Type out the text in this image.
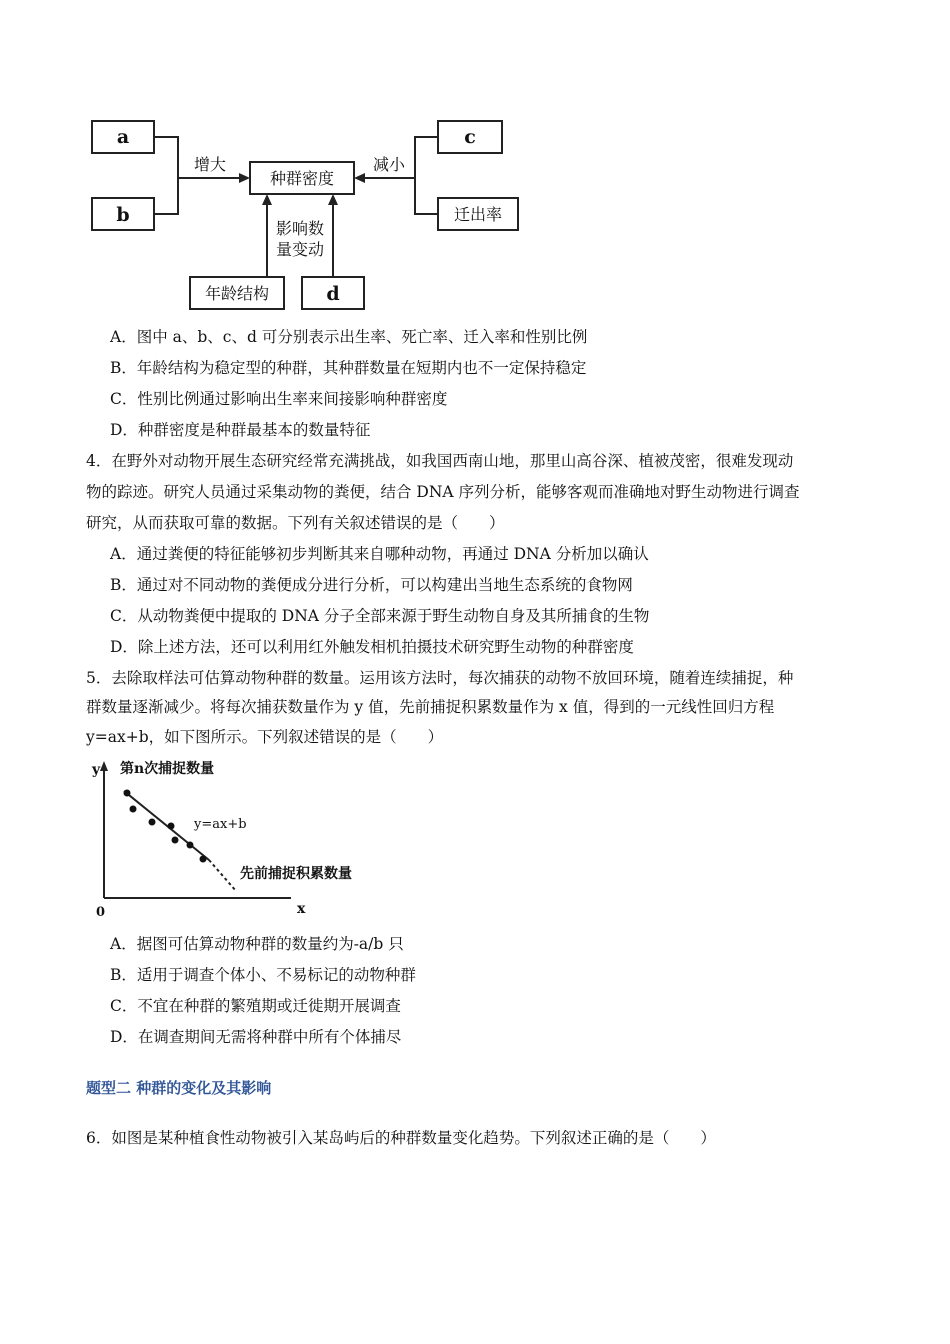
a
b
c
d
迁出率
种群密度
年龄结构
增大	减小
影响数
量变动
A．图中 a、b、c、d 可分别表示出生率、死亡率、迁入率和性别比例
B．年龄结构为稳定型的种群，其种群数量在短期内也不一定保持稳定
C．性别比例通过影响出生率来间接影响种群密度
D．种群密度是种群最基本的数量特征
4．在野外对动物开展生态研究经常充满挑战，如我国西南山地，那里山高谷深、植被茂密，很难发现动
物的踪迹。研究人员通过采集动物的粪便，结合 DNA 序列分析，能够客观而准确地对野生动物进行调查
研究，从而获取可靠的数据。下列有关叙述错误的是（　　）
A．通过粪便的特征能够初步判断其来自哪种动物，再通过 DNA 分析加以确认
B．通过对不同动物的粪便成分进行分析，可以构建出当地生态系统的食物网
C．从动物粪便中提取的 DNA 分子全部来源于野生动物自身及其所捕食的生物
D．除上述方法，还可以利用红外触发相机拍摄技术研究野生动物的种群密度
5．去除取样法可估算动物种群的数量。运用该方法时，每次捕获的动物不放回环境，随着连续捕捉，种
群数量逐渐减少。将每次捕获数量作为 y 值，先前捕捉积累数量作为 x 值，得到的一元线性回归方程
y=ax+b，如下图所示。下列叙述错误的是（　　）
y 第n次捕捉数量
y=ax+b
先前捕捉积累数量
0	x
A．据图可估算动物种群的数量约为-a/b 只
B．适用于调查个体小、不易标记的动物种群
C．不宜在种群的繁殖期或迁徙期开展调查
D．在调查期间无需将种群中所有个体捕尽
题型二 种群的变化及其影响
6．如图是某种植食性动物被引入某岛屿后的种群数量变化趋势。下列叙述正确的是（　　）
